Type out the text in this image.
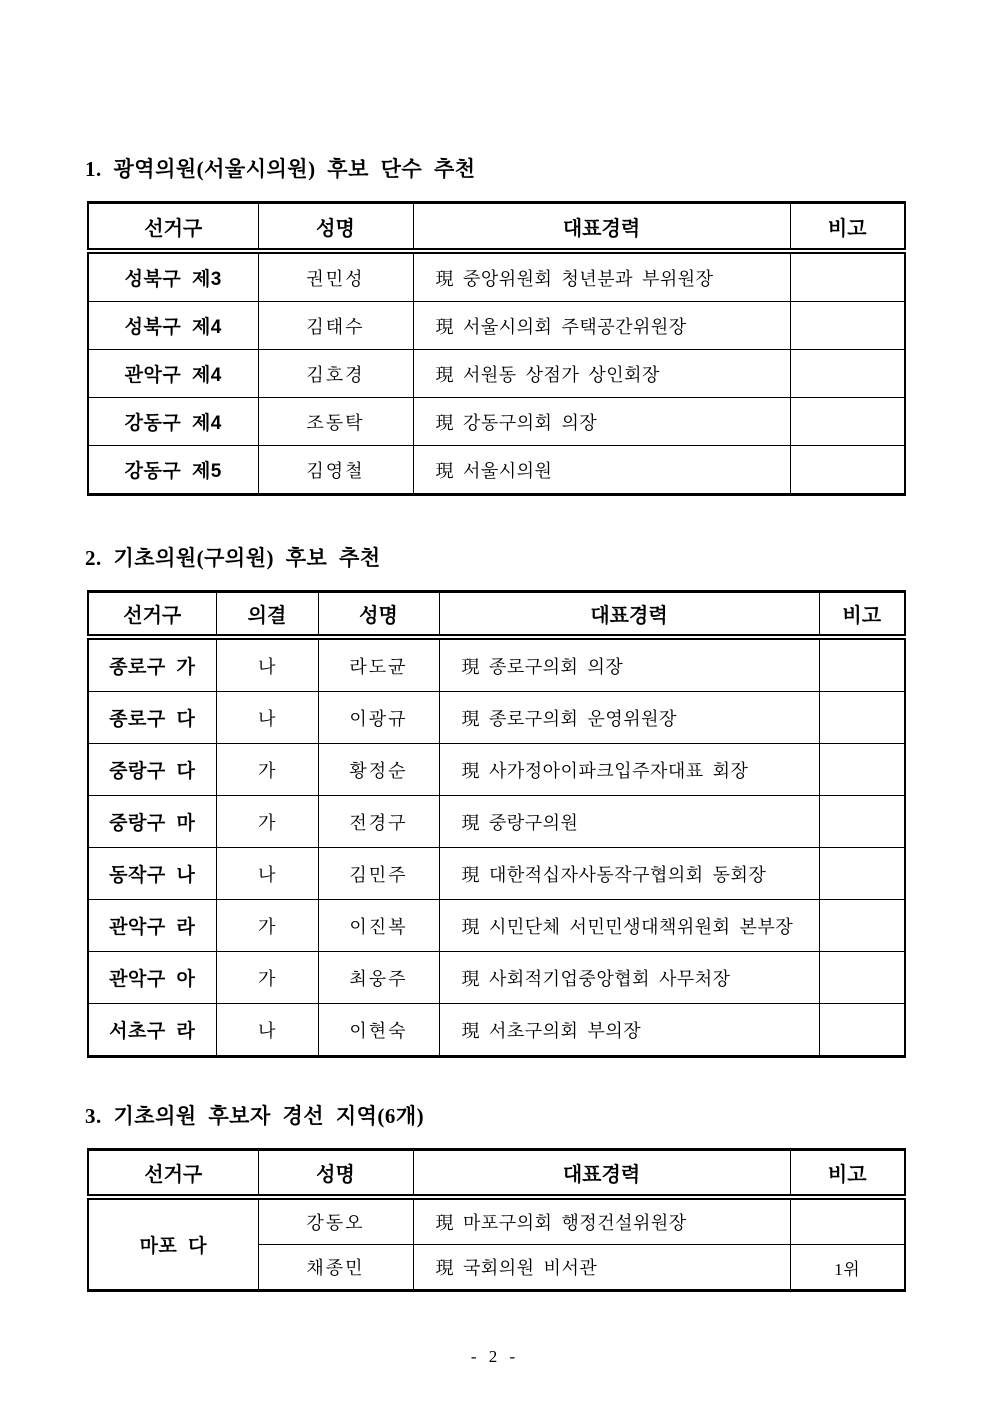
1. 광역의원(서울시의원) 후보 단수 추천
선거구	성명	대표경력	비고
성북구 제3	권민성	現 중앙위원회 청년분과 부위원장	
성북구 제4	김태수	現 서울시의회 주택공간위원장	
관악구 제4	김호경	現 서원동 상점가 상인회장	
강동구 제4	조동탁	現 강동구의회 의장	
강동구 제5	김영철	現 서울시의원	
2. 기초의원(구의원) 후보 추천
선거구	의결	성명	대표경력	비고
종로구 가	나	라도균	現 종로구의회 의장	
종로구 다	나	이광규	現 종로구의회 운영위원장	
중랑구 다	가	황정순	現 사가정아이파크입주자대표 회장	
중랑구 마	가	전경구	現 중랑구의원	
동작구 나	나	김민주	現 대한적십자사동작구협의회 동회장	
관악구 라	가	이진복	現 시민단체 서민민생대책위원회 본부장	
관악구 아	가	최웅주	現 사회적기업중앙협회 사무처장	
서초구 라	나	이현숙	現 서초구의회 부의장	
3. 기초의원 후보자 경선 지역(6개)
선거구	성명	대표경력	비고
마포 다	강동오	現 마포구의회 행정건설위원장	
	채종민	現 국회의원 비서관	1위
- 2 -
